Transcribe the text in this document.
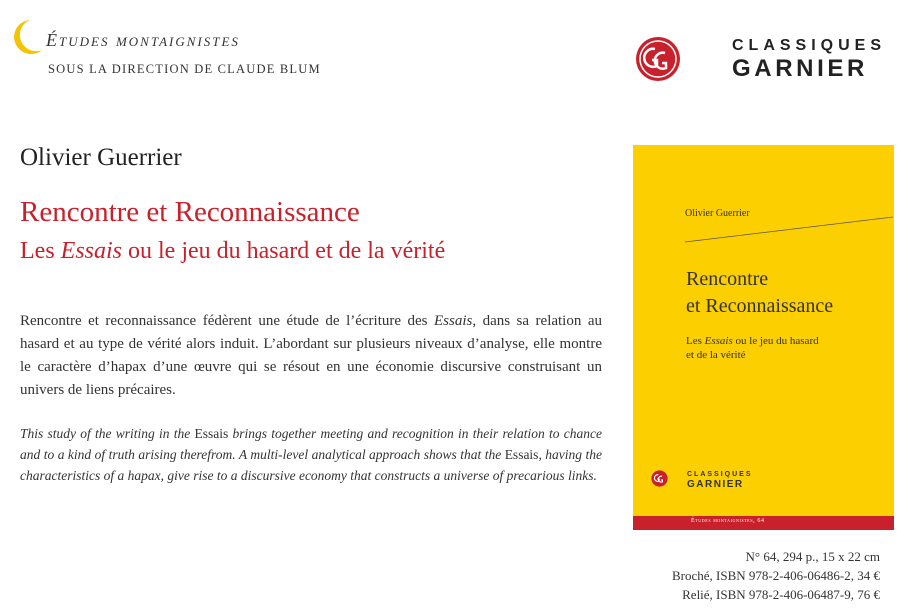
Études montaignistes
SOUS LA DIRECTION DE CLAUDE BLUM
CLASSIQUES
GARNIER
Olivier Guerrier
Rencontre et Reconnaissance
Les Essais ou le jeu du hasard et de la vérité
Rencontre et reconnaissance fédèrent une étude de l’écriture des Essais, dans sa relation au hasard et au type de vérité alors induit. L’abordant sur plusieurs niveaux d’analyse, elle montre le caractère d’hapax d’une œuvre qui se résout en une économie discursive construisant un univers de liens précaires.
This study of the writing in the Essais brings together meeting and recognition in their relation to chance and to a kind of truth arising therefrom. A multi-level analytical approach shows that the Essais, having the characteristics of a hapax, give rise to a discursive economy that constructs a universe of precarious links.
Olivier Guerrier
Rencontre
et Reconnaissance
Les Essais ou le jeu du hasard
et de la vérité
CLASSIQUES
GARNIER
Études montaignistes, 64
N° 64, 294 p., 15 x 22 cm
Broché, ISBN 978-2-406-06486-2, 34 €
Relié, ISBN 978-2-406-06487-9, 76 €
